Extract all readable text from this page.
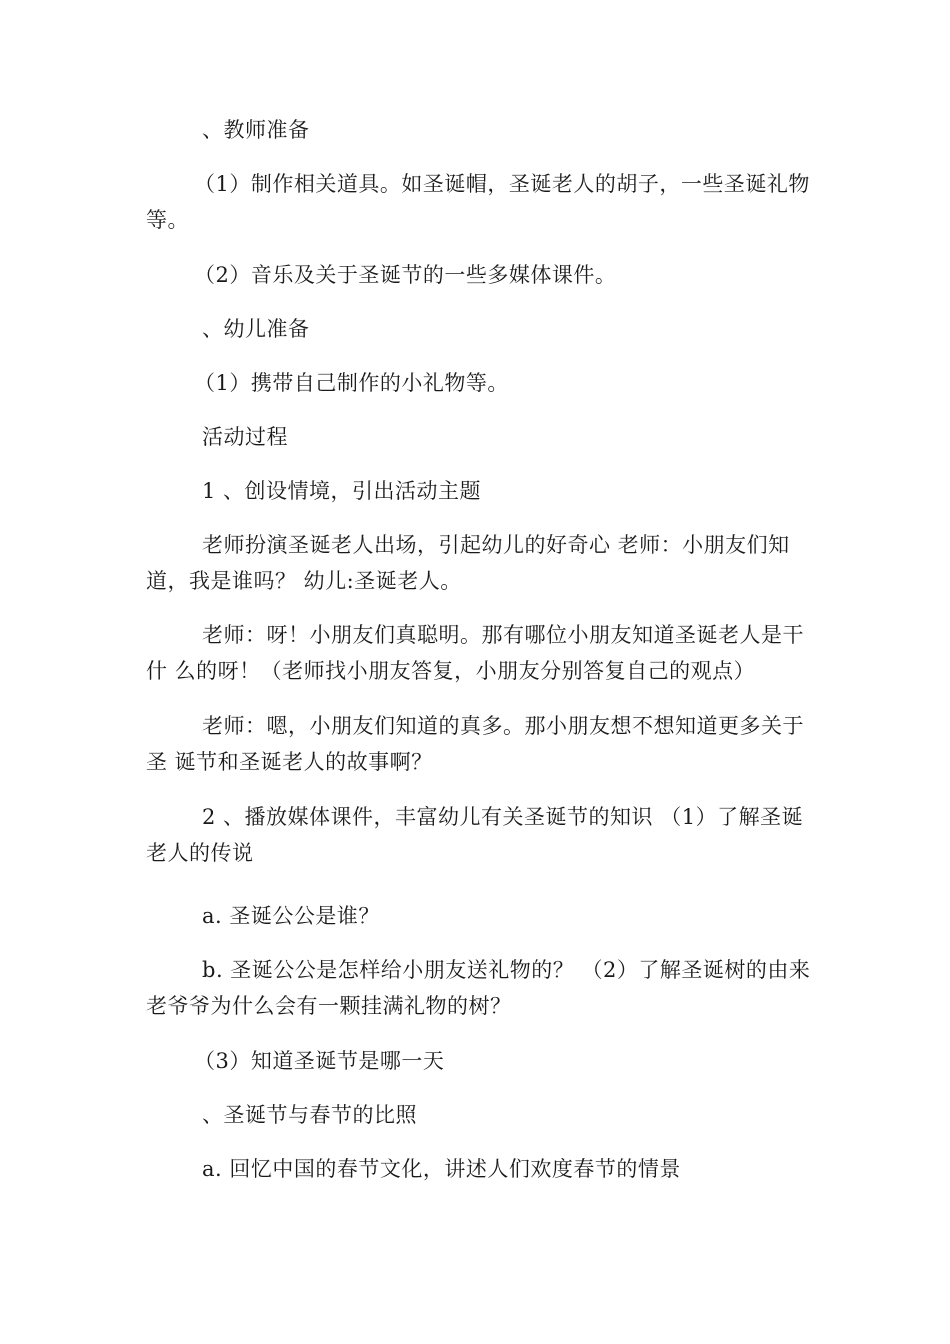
、教师准备

（1）制作相关道具。如圣诞帽，圣诞老人的胡子，一些圣诞礼物等。

（2）音乐及关于圣诞节的一些多媒体课件。

、幼儿准备

（1）携带自己制作的小礼物等。

活动过程

1 、创设情境，引出活动主题

老师扮演圣诞老人出场，引起幼儿的好奇心 老师：小朋友们知道，我是谁吗？ 幼儿:圣诞老人。

老师：呀！小朋友们真聪明。那有哪位小朋友知道圣诞老人是干什 么的呀！（老师找小朋友答复，小朋友分别答复自己的观点）

老师：嗯，小朋友们知道的真多。那小朋友想不想知道更多关于圣 诞节和圣诞老人的故事啊？

2 、播放媒体课件，丰富幼儿有关圣诞节的知识 （1）了解圣诞老人的传说

a. 圣诞公公是谁？

b. 圣诞公公是怎样给小朋友送礼物的？ （2）了解圣诞树的由来 老爷爷为什么会有一颗挂满礼物的树？

（3）知道圣诞节是哪一天

、圣诞节与春节的比照

a. 回忆中国的春节文化，讲述人们欢度春节的情景
